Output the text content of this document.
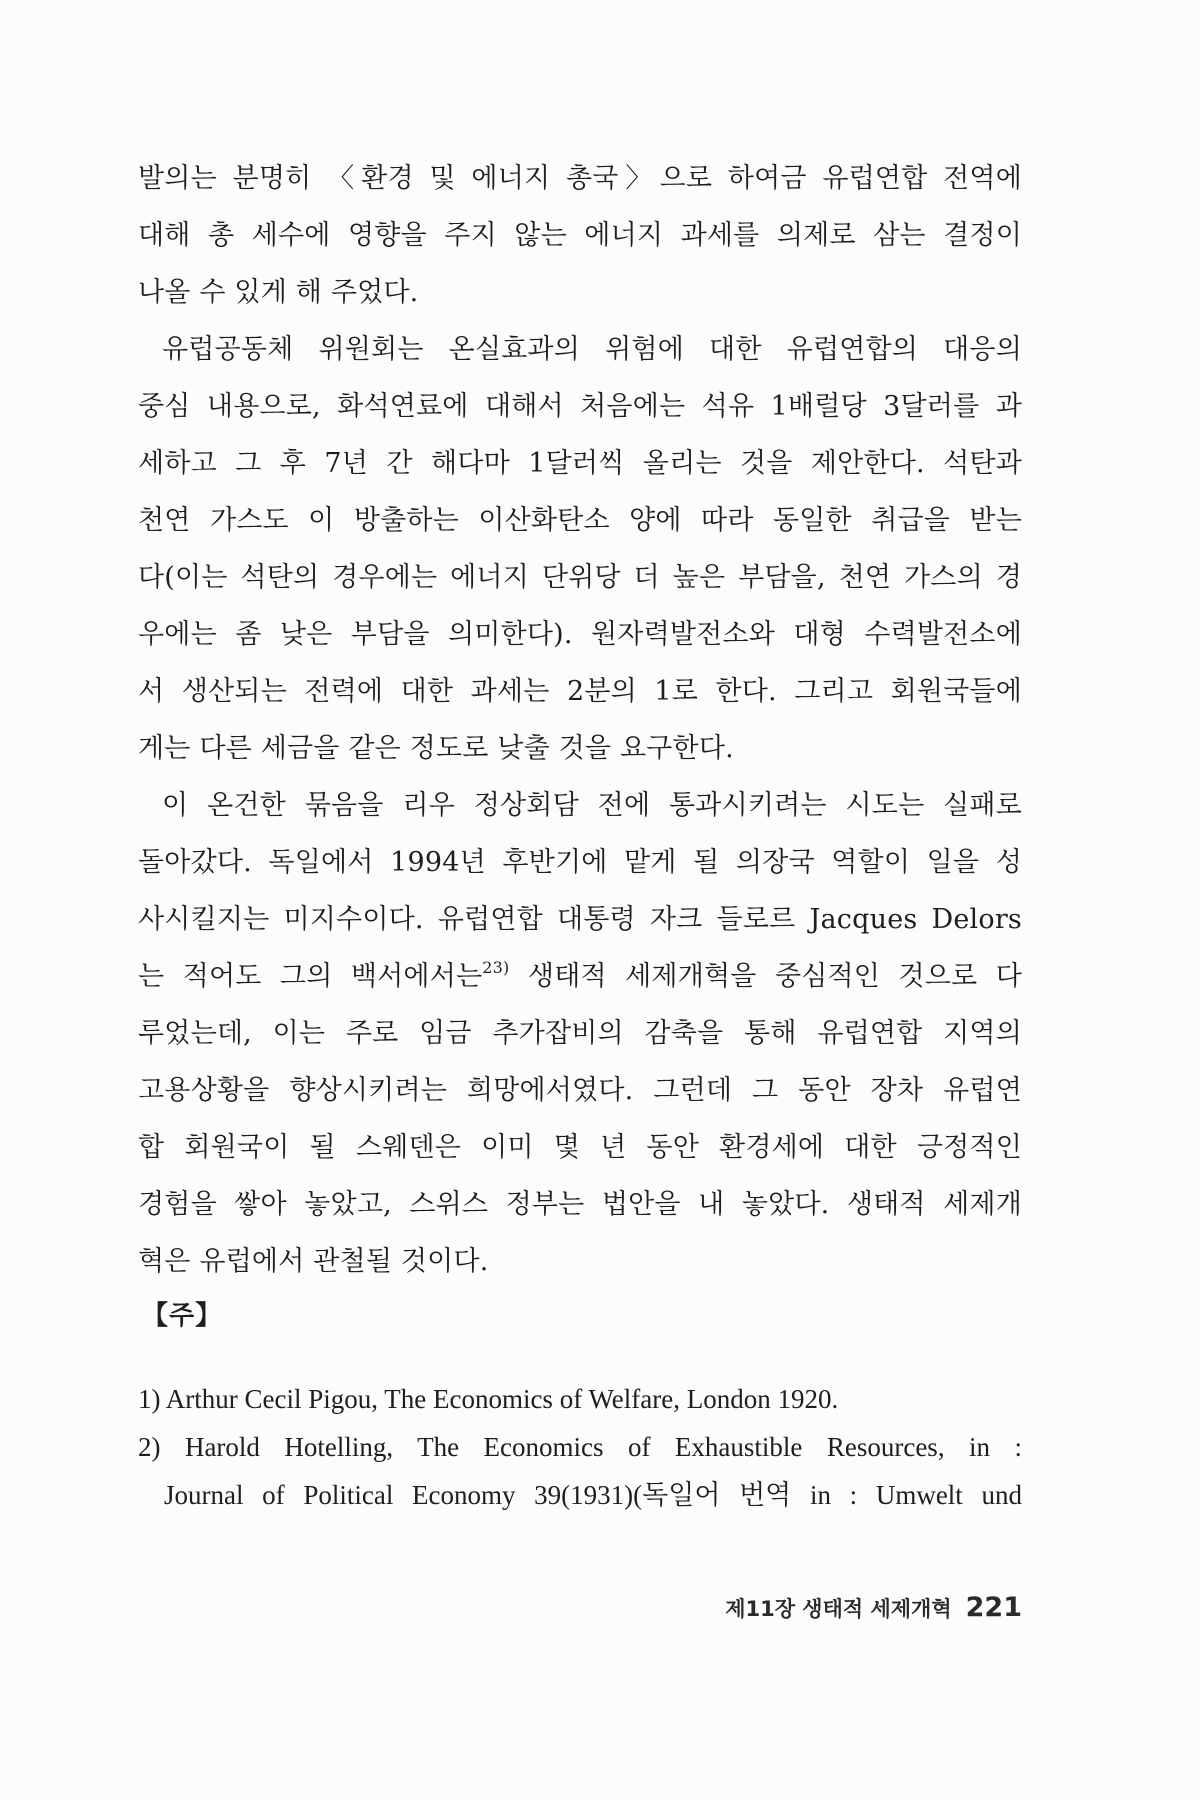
발의는 분명히 〈환경 및 에너지 총국〉으로 하여금 유럽연합 전역에
대해 총 세수에 영향을 주지 않는 에너지 과세를 의제로 삼는 결정이
나올 수 있게 해 주었다.
유럽공동체 위원회는 온실효과의 위험에 대한 유럽연합의 대응의
중심 내용으로, 화석연료에 대해서 처음에는 석유 1배럴당 3달러를 과
세하고 그 후 7년 간 해다마 1달러씩 올리는 것을 제안한다. 석탄과
천연 가스도 이 방출하는 이산화탄소 양에 따라 동일한 취급을 받는
다(이는 석탄의 경우에는 에너지 단위당 더 높은 부담을, 천연 가스의 경
우에는 좀 낮은 부담을 의미한다). 원자력발전소와 대형 수력발전소에
서 생산되는 전력에 대한 과세는 2분의 1로 한다. 그리고 회원국들에
게는 다른 세금을 같은 정도로 낮출 것을 요구한다.
이 온건한 묶음을 리우 정상회담 전에 통과시키려는 시도는 실패로
돌아갔다. 독일에서 1994년 후반기에 맡게 될 의장국 역할이 일을 성
사시킬지는 미지수이다. 유럽연합 대통령 자크 들로르 Jacques Delors
는 적어도 그의 백서에서는$^{23)}$ 생태적 세제개혁을 중심적인 것으로 다
루었는데, 이는 주로 임금 추가잡비의 감축을 통해 유럽연합 지역의
고용상황을 향상시키려는 희망에서였다. 그런데 그 동안 장차 유럽연
합 회원국이 될 스웨덴은 이미 몇 년 동안 환경세에 대한 긍정적인
경험을 쌓아 놓았고, 스위스 정부는 법안을 내 놓았다. 생태적 세제개
혁은 유럽에서 관철될 것이다.
【주】
1) Arthur Cecil Pigou, The Economics of Welfare, London 1920.
2) Harold Hotelling, The Economics of Exhaustible Resources, in :
Journal of Political Economy 39(1931)(독일어 번역 in : Umwelt und
제11장 생태적 세제개혁 221
